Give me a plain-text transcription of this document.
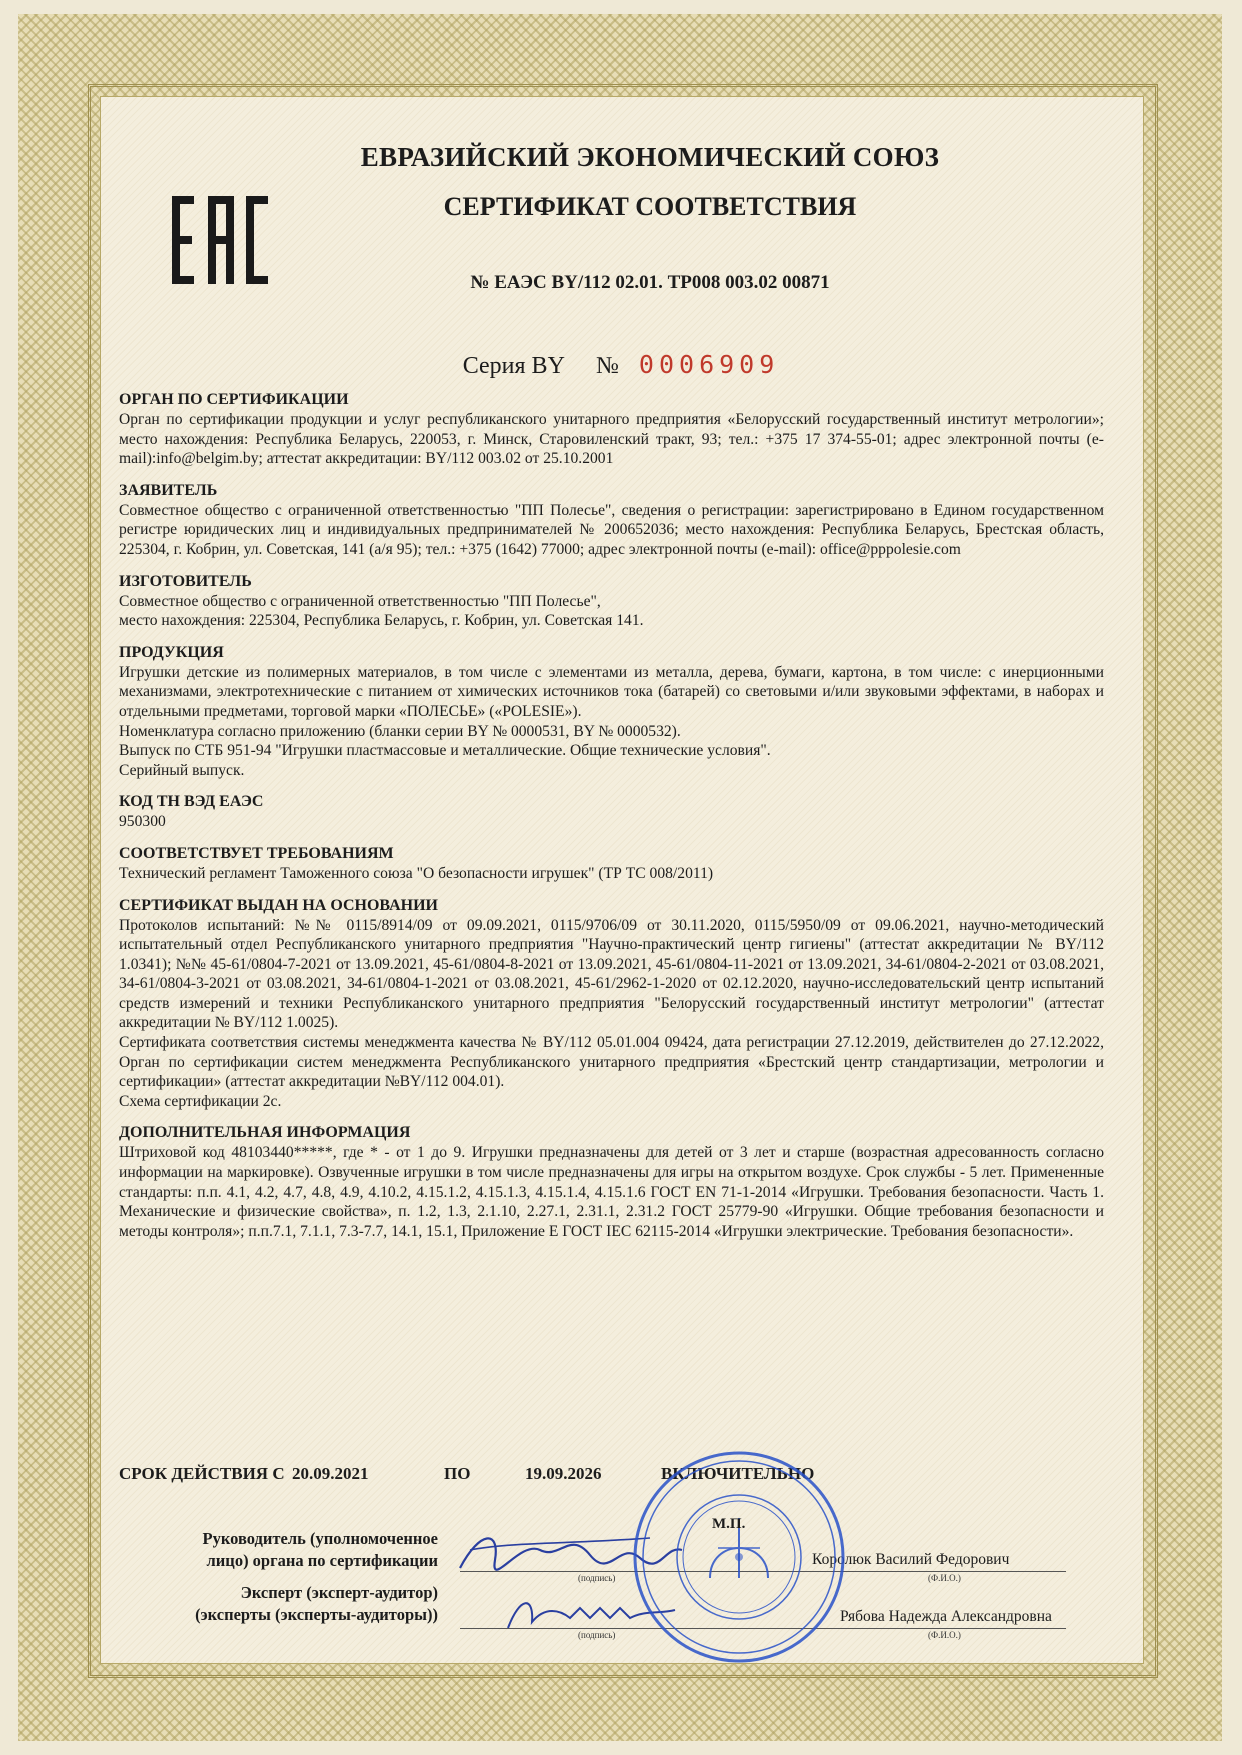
ЕВРАЗИЙСКИЙ ЭКОНОМИЧЕСКИЙ СОЮЗ
СЕРТИФИКАТ СООТВЕТСТВИЯ
№ ЕАЭС BY/112 02.01. ТР008 003.02 00871
Серия BY № 0006909
ОРГАН ПО СЕРТИФИКАЦИИ

Орган по сертификации продукции и услуг республиканского унитарного предприятия «Белорусский государственный институт метрологии»; место нахождения: Республика Беларусь, 220053, г. Минск, Старовиленский тракт, 93; тел.: +375 17 374-55-01; адрес электронной почты (e-mail):info@belgim.by; аттестат аккредитации: BY/112 003.02 от 25.10.2001

ЗАЯВИТЕЛЬ

Совместное общество с ограниченной ответственностью "ПП Полесье", сведения о регистрации: зарегистрировано в Едином государственном регистре юридических лиц и индивидуальных предпринимателей № 200652036; место нахождения: Республика Беларусь, Брестская область, 225304, г. Кобрин, ул. Советская, 141 (а/я 95); тел.: +375 (1642) 77000; адрес электронной почты (e-mail): office@pppolesie.com

ИЗГОТОВИТЕЛЬ

Совместное общество с ограниченной ответственностью "ПП Полесье",

место нахождения: 225304, Республика Беларусь, г. Кобрин, ул. Советская 141.

ПРОДУКЦИЯ

Игрушки детские из полимерных материалов, в том числе с элементами из металла, дерева, бумаги, картона, в том числе: с инерционными механизмами, электротехнические с питанием от химических источников тока (батарей) со световыми и/или звуковыми эффектами, в наборах и отдельными предметами, торговой марки «ПОЛЕСЬЕ» («POLESIE»).

Номенклатура согласно приложению (бланки серии BY № 0000531, BY № 0000532).

Выпуск по СТБ 951-94 "Игрушки пластмассовые и металлические. Общие технические условия".

Серийный выпуск.

КОД ТН ВЭД ЕАЭС

950300

СООТВЕТСТВУЕТ ТРЕБОВАНИЯМ

Технический регламент Таможенного союза "О безопасности игрушек" (ТР ТС 008/2011)

СЕРТИФИКАТ ВЫДАН НА ОСНОВАНИИ

Протоколов испытаний: №№ 0115/8914/09 от 09.09.2021, 0115/9706/09 от 30.11.2020, 0115/5950/09 от 09.06.2021, научно-методический испытательный отдел Республиканского унитарного предприятия "Научно-практический центр гигиены" (аттестат аккредитации № BY/112 1.0341); №№ 45-61/0804-7-2021 от 13.09.2021, 45-61/0804-8-2021 от 13.09.2021, 45-61/0804-11-2021 от 13.09.2021, 34-61/0804-2-2021 от 03.08.2021, 34-61/0804-3-2021 от 03.08.2021, 34-61/0804-1-2021 от 03.08.2021, 45-61/2962-1-2020 от 02.12.2020, научно-исследовательский центр испытаний средств измерений и техники Республиканского унитарного предприятия "Белорусский государственный институт метрологии" (аттестат аккредитации № BY/112 1.0025).

Сертификата соответствия системы менеджмента качества № BY/112 05.01.004 09424, дата регистрации 27.12.2019, действителен до 27.12.2022, Орган по сертификации систем менеджмента Республиканского унитарного предприятия «Брестский центр стандартизации, метрологии и сертификации» (аттестат аккредитации №BY/112 004.01).

Схема сертификации 2с.

ДОПОЛНИТЕЛЬНАЯ ИНФОРМАЦИЯ

Штриховой код 48103440*****, где * - от 1 до 9. Игрушки предназначены для детей от 3 лет и старше (возрастная адресованность согласно информации на маркировке). Озвученные игрушки в том числе предназначены для игры на открытом воздухе. Срок службы - 5 лет. Примененные стандарты: п.п. 4.1, 4.2, 4.7, 4.8, 4.9, 4.10.2, 4.15.1.2, 4.15.1.3, 4.15.1.4, 4.15.1.6 ГОСТ EN 71-1-2014 «Игрушки. Требования безопасности. Часть 1. Механические и физические свойства», п. 1.2, 1.3, 2.1.10, 2.27.1, 2.31.1, 2.31.2 ГОСТ 25779-90 «Игрушки. Общие требования безопасности и методы контроля»; п.п.7.1, 7.1.1, 7.3-7.7, 14.1, 15.1, Приложение Е ГОСТ IEC 62115-2014 «Игрушки электрические. Требования безопасности».

СРОК ДЕЙСТВИЯ С 20.09.2021	ПО	19.09.2026	ВКЛЮЧИТЕЛЬНО
Руководитель (уполномоченное
лицо) органа по сертификации
Эксперт (эксперт-аудитор)
(эксперты (эксперты-аудиторы))
Королюк Василий Федорович
Рябова Надежда Александровна
(подпись)	(Ф.И.О.)
(подпись)	(Ф.И.О.)
М.П.
